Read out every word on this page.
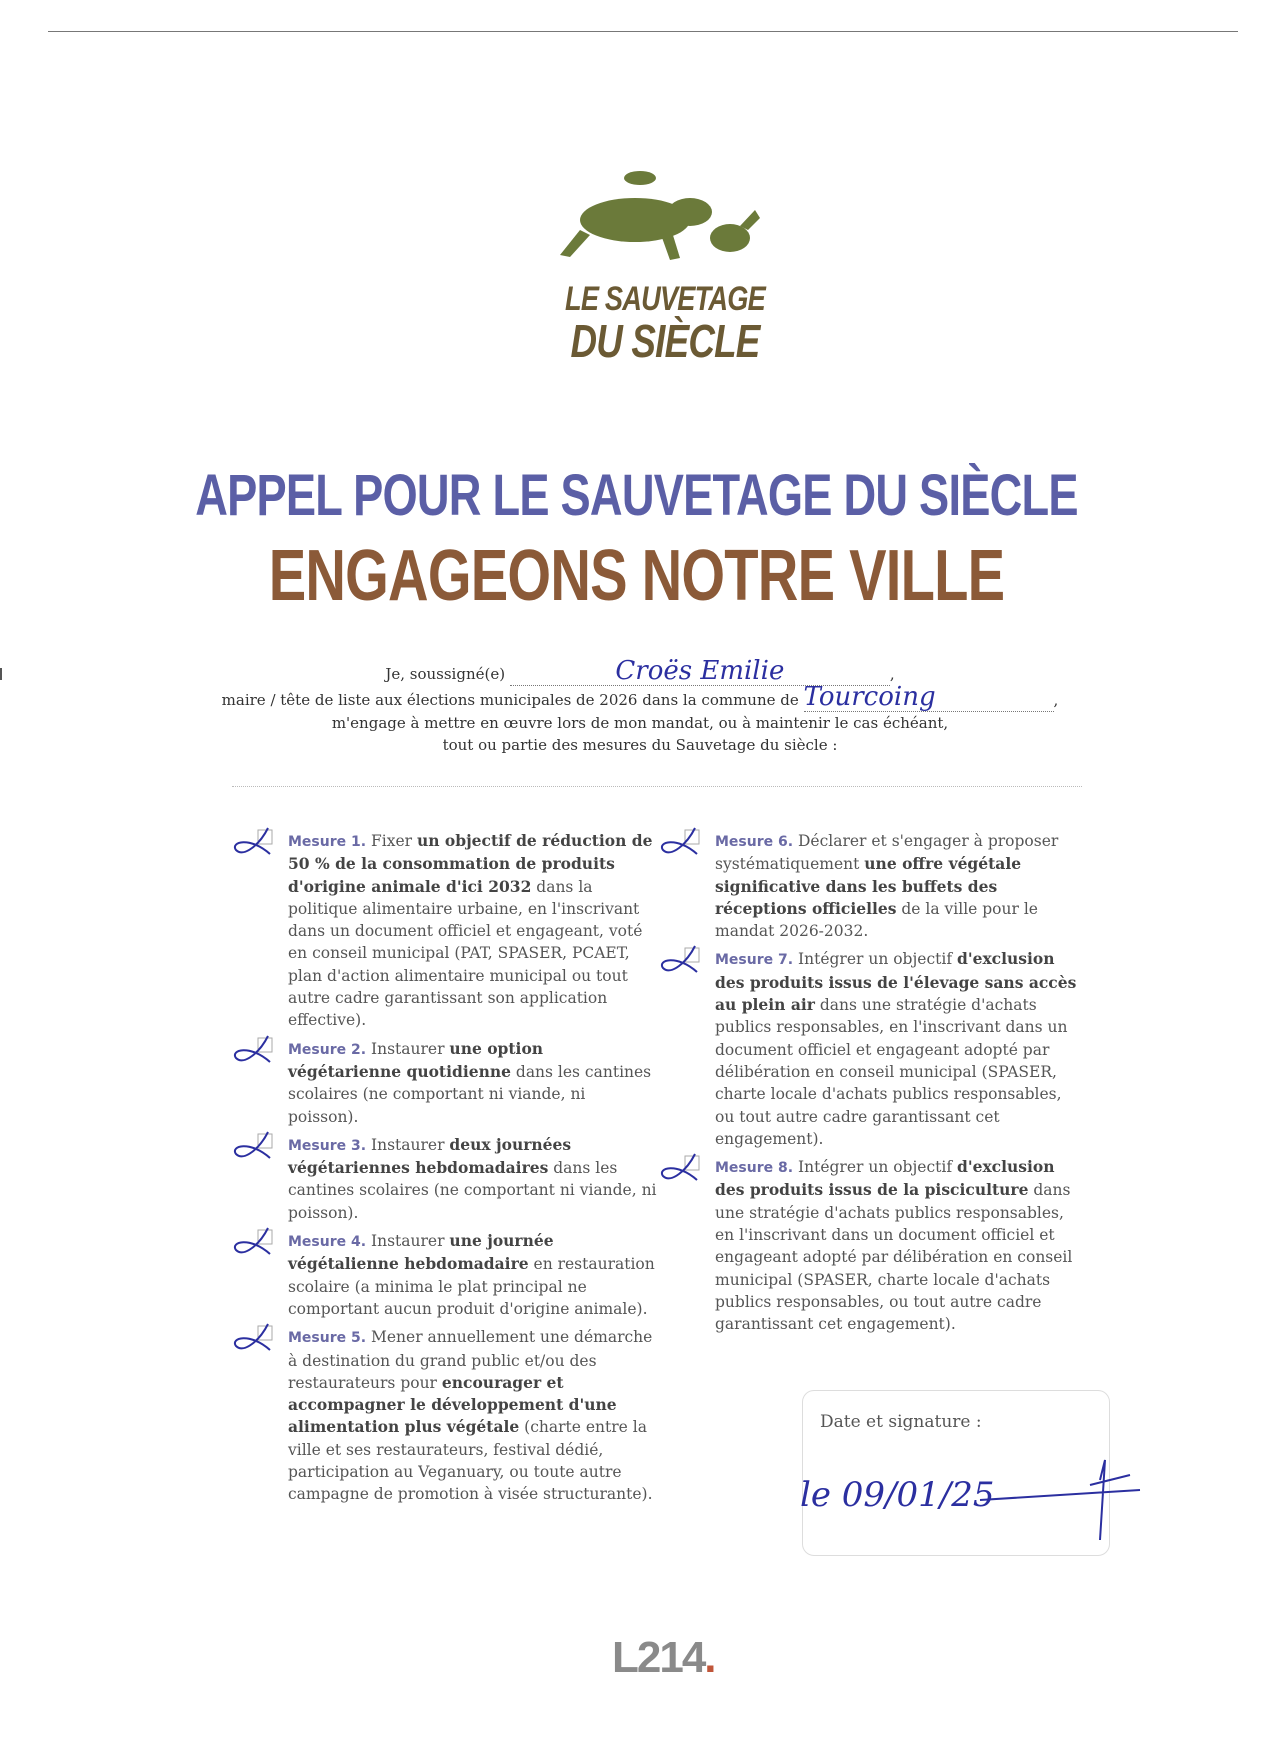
LE SAUVETAGE
DU SIÈCLE
APPEL POUR LE SAUVETAGE DU SIÈCLE
ENGAGEONS NOTRE VILLE
Je, soussigné(e)	Croës Emilie	,
maire / tête de liste aux élections municipales de 2026 dans la commune de Tourcoing	,
m'engage à mettre en œuvre lors de mon mandat, ou à maintenir le cas échéant,
tout ou partie des mesures du Sauvetage du siècle :
Mesure 1. Fixer un objectif de réduction de 50 % de la consommation de produits d'origine animale d'ici 2032 dans la politique alimentaire urbaine, en l'inscrivant dans un document officiel et engageant, voté en conseil municipal (PAT, SPASER, PCAET, plan d'action alimentaire municipal ou tout autre cadre garantissant son application effective).
Mesure 2. Instaurer une option végétarienne quotidienne dans les cantines scolaires (ne comportant ni viande, ni poisson).
Mesure 3. Instaurer deux journées végétariennes hebdomadaires dans les cantines scolaires (ne comportant ni viande, ni poisson).
Mesure 4. Instaurer une journée végétalienne hebdomadaire en restauration scolaire (a minima le plat principal ne comportant aucun produit d'origine animale).
Mesure 5. Mener annuellement une démarche à destination du grand public et/ou des restaurateurs pour encourager et accompagner le développement d'une alimentation plus végétale (charte entre la ville et ses restaurateurs, festival dédié, participation au Veganuary, ou toute autre campagne de promotion à visée structurante).
Mesure 6. Déclarer et s'engager à proposer systématiquement une offre végétale significative dans les buffets des réceptions officielles de la ville pour le mandat 2026-2032.
Mesure 7. Intégrer un objectif d'exclusion des produits issus de l'élevage sans accès au plein air dans une stratégie d'achats publics responsables, en l'inscrivant dans un document officiel et engageant adopté par délibération en conseil municipal (SPASER, charte locale d'achats publics responsables, ou tout autre cadre garantissant cet engagement).
Mesure 8. Intégrer un objectif d'exclusion des produits issus de la pisciculture dans une stratégie d'achats publics responsables, en l'inscrivant dans un document officiel et engageant adopté par délibération en conseil municipal (SPASER, charte locale d'achats publics responsables, ou tout autre cadre garantissant cet engagement).
Date et signature :
le 09/01/25
L214.
